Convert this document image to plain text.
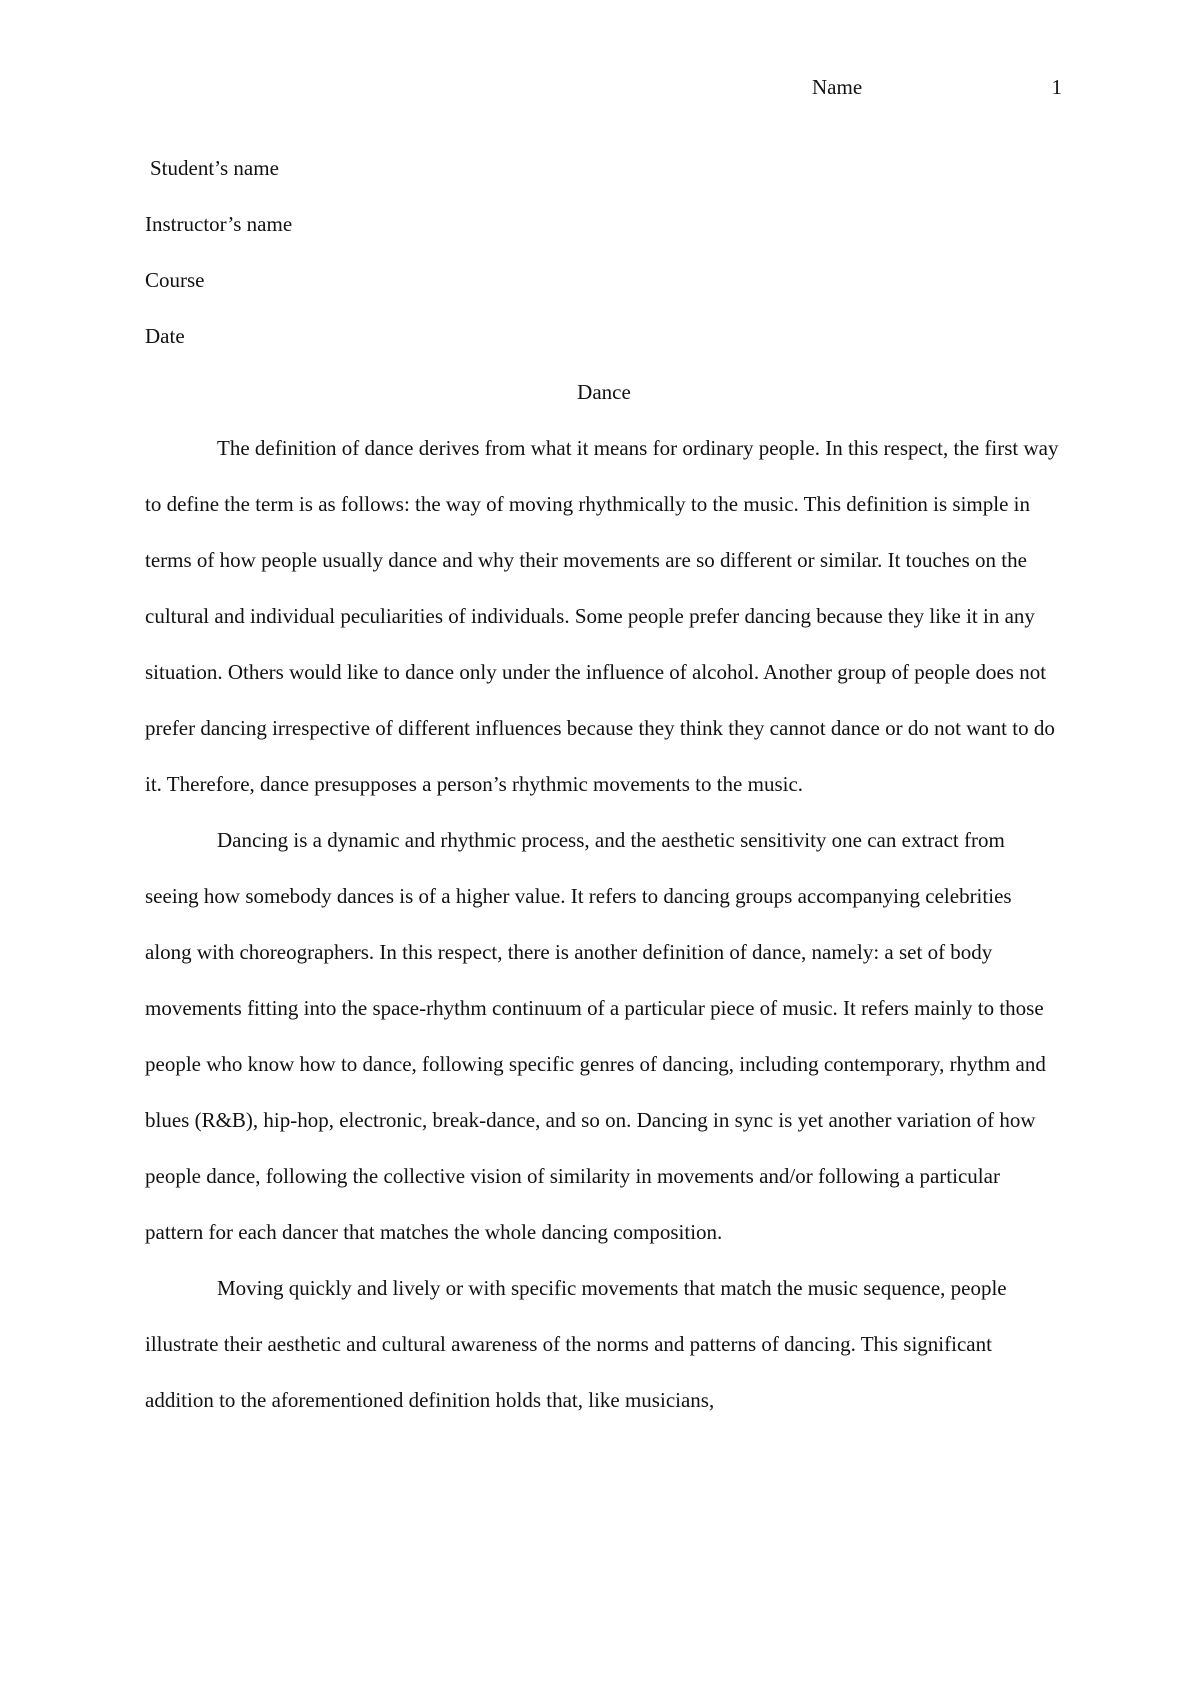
Name	1

Student’s name

Instructor’s name

Course

Date

Dance

The definition of dance derives from what it means for ordinary people. In this respect, the first way to define the term is as follows: the way of moving rhythmically to the music. This definition is simple in terms of how people usually dance and why their movements are so different or similar. It touches on the cultural and individual peculiarities of individuals. Some people prefer dancing because they like it in any situation. Others would like to dance only under the influence of alcohol. Another group of people does not prefer dancing irrespective of different influences because they think they cannot dance or do not want to do it. Therefore, dance presupposes a person’s rhythmic movements to the music.

Dancing is a dynamic and rhythmic process, and the aesthetic sensitivity one can extract from seeing how somebody dances is of a higher value. It refers to dancing groups accompanying celebrities along with choreographers. In this respect, there is another definition of dance, namely: a set of body movements fitting into the space-rhythm continuum of a particular piece of music. It refers mainly to those people who know how to dance, following specific genres of dancing, including contemporary, rhythm and blues (R&B), hip-hop, electronic, break-dance, and so on. Dancing in sync is yet another variation of how people dance, following the collective vision of similarity in movements and/or following a particular pattern for each dancer that matches the whole dancing composition.

Moving quickly and lively or with specific movements that match the music sequence, people illustrate their aesthetic and cultural awareness of the norms and patterns of dancing. This significant addition to the aforementioned definition holds that, like musicians,
